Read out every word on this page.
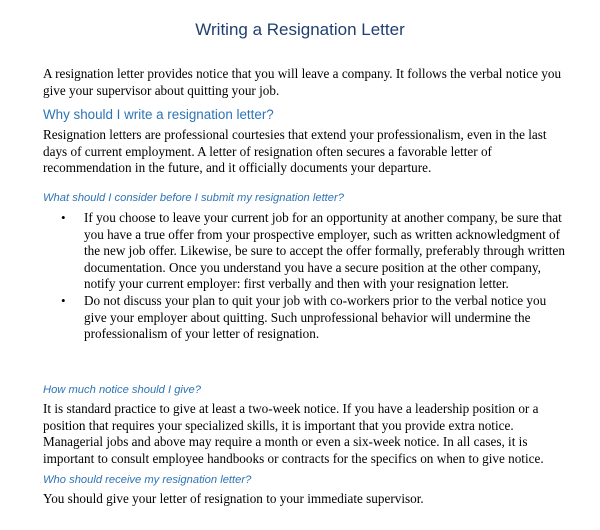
Writing a Resignation Letter

A resignation letter provides notice that you will leave a company. It follows the verbal notice you give your supervisor about quitting your job.

Why should I write a resignation letter?

Resignation letters are professional courtesies that extend your professionalism, even in the last days of current employment. A letter of resignation often secures a favorable letter of recommendation in the future, and it officially documents your departure.

What should I consider before I submit my resignation letter?
• If you choose to leave your current job for an opportunity at another company, be sure that you have a true offer from your prospective employer, such as written acknowledgment of the new job offer. Likewise, be sure to accept the offer formally, preferably through written documentation. Once you understand you have a secure position at the other company, notify your current employer: first verbally and then with your resignation letter.
• Do not discuss your plan to quit your job with co-workers prior to the verbal notice you give your employer about quitting. Such unprofessional behavior will undermine the professionalism of your letter of resignation.
How much notice should I give?

It is standard practice to give at least a two-week notice. If you have a leadership position or a position that requires your specialized skills, it is important that you provide extra notice. Managerial jobs and above may require a month or even a six-week notice. In all cases, it is important to consult employee handbooks or contracts for the specifics on when to give notice.

Who should receive my resignation letter?

You should give your letter of resignation to your immediate supervisor.
